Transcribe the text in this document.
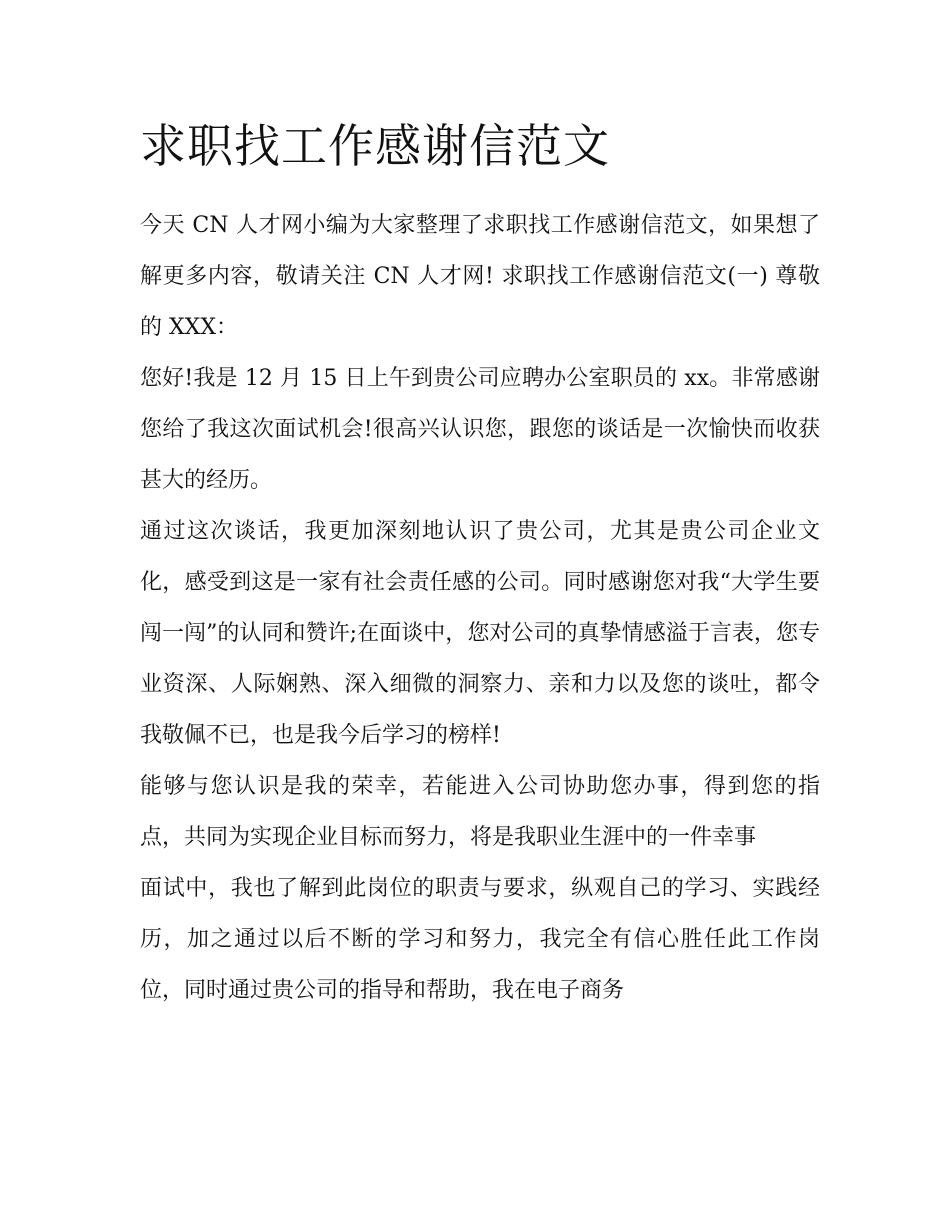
求职找工作感谢信范文

今天 CN 人才网小编为大家整理了求职找工作感谢信范文，如果想了解更多内容，敬请关注 CN 人才网! 求职找工作感谢信范文(一) 尊敬的 XXX：

您好!我是 12 月 15 日上午到贵公司应聘办公室职员的 xx。非常感谢您给了我这次面试机会!很高兴认识您，跟您的谈话是一次愉快而收获甚大的经历。

通过这次谈话，我更加深刻地认识了贵公司，尤其是贵公司企业文化，感受到这是一家有社会责任感的公司。同时感谢您对我“大学生要闯一闯”的认同和赞许;在面谈中，您对公司的真挚情感溢于言表，您专业资深、人际娴熟、深入细微的洞察力、亲和力以及您的谈吐，都令我敬佩不已，也是我今后学习的榜样!

能够与您认识是我的荣幸，若能进入公司协助您办事，得到您的指点，共同为实现企业目标而努力，将是我职业生涯中的一件幸事

面试中，我也了解到此岗位的职责与要求，纵观自己的学习、实践经历，加之通过以后不断的学习和努力，我完全有信心胜任此工作岗位，同时通过贵公司的指导和帮助，我在电子商务
